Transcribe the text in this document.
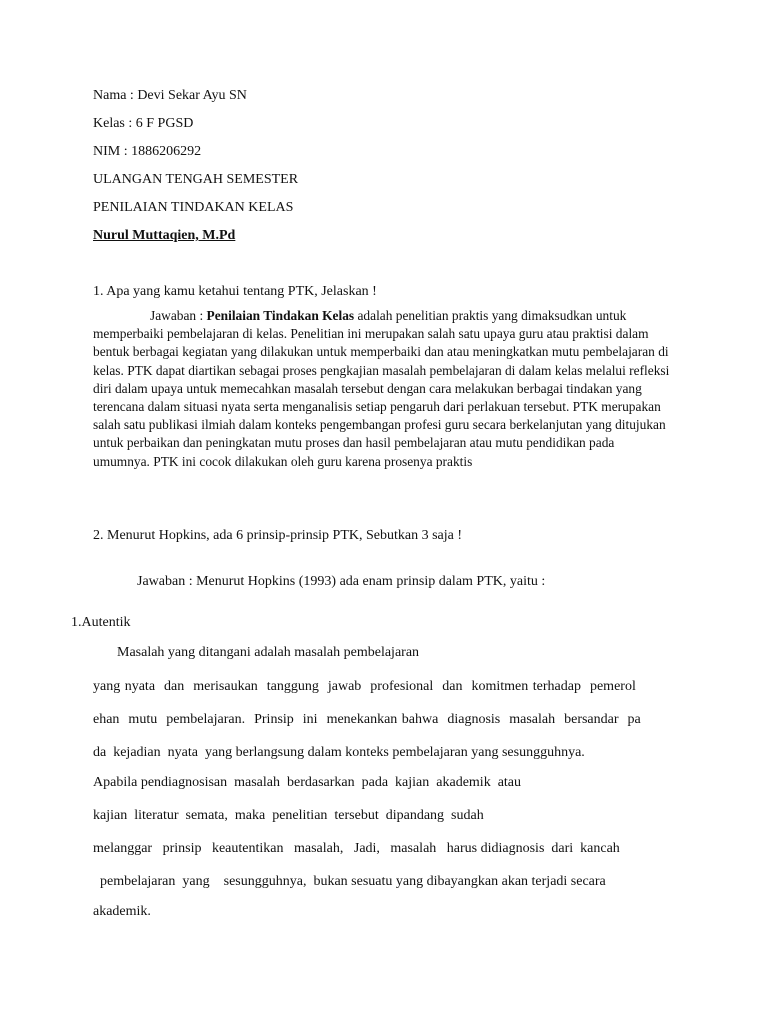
Nama : Devi Sekar Ayu SN
Kelas : 6 F PGSD
NIM : 1886206292
ULANGAN TENGAH SEMESTER
PENILAIAN TINDAKAN KELAS
Nurul Muttaqien, M.Pd
1. Apa yang kamu ketahui tentang PTK, Jelaskan !

Jawaban : Penilaian Tindakan Kelas adalah penelitian praktis yang dimaksudkan untuk memperbaiki pembelajaran di kelas. Penelitian ini merupakan salah satu upaya guru atau praktisi dalam bentuk berbagai kegiatan yang dilakukan untuk memperbaiki dan atau meningkatkan mutu pembelajaran di kelas. PTK dapat diartikan sebagai proses pengkajian masalah pembelajaran di dalam kelas melalui refleksi diri dalam upaya untuk memecahkan masalah tersebut dengan cara melakukan berbagai tindakan yang terencana dalam situasi nyata serta menganalisis setiap pengaruh dari perlakuan tersebut. PTK merupakan salah satu publikasi ilmiah dalam konteks pengembangan profesi guru secara berkelanjutan yang ditujukan untuk perbaikan dan peningkatan mutu proses dan hasil pembelajaran atau mutu pendidikan pada umumnya. PTK ini cocok dilakukan oleh guru karena prosenya praktis

2. Menurut Hopkins, ada 6 prinsip-prinsip PTK, Sebutkan 3 saja !
Jawaban : Menurut Hopkins (1993) ada enam prinsip dalam PTK, yaitu :
1.Autentik
Masalah yang ditangani adalah masalah pembelajaran
yang nyata  dan  merisaukan  tanggung  jawab  profesional  dan  komitmen terhadap  pemerol
ehan  mutu  pembelajaran.  Prinsip  ini  menekankan bahwa  diagnosis  masalah  bersandar  pa
da  kejadian  nyata  yang berlangsung dalam konteks pembelajaran yang sesungguhnya.
Apabila pendiagnosisan  masalah  berdasarkan  pada  kajian  akademik  atau
kajian  literatur  semata,  maka  penelitian  tersebut  dipandang  sudah
melanggar   prinsip   keautentikan   masalah,   Jadi,   masalah   harus didiagnosis  dari  kancah
pembelajaran  yang    sesungguhnya,  bukan sesuatu yang dibayangkan akan terjadi secara
akademik.
